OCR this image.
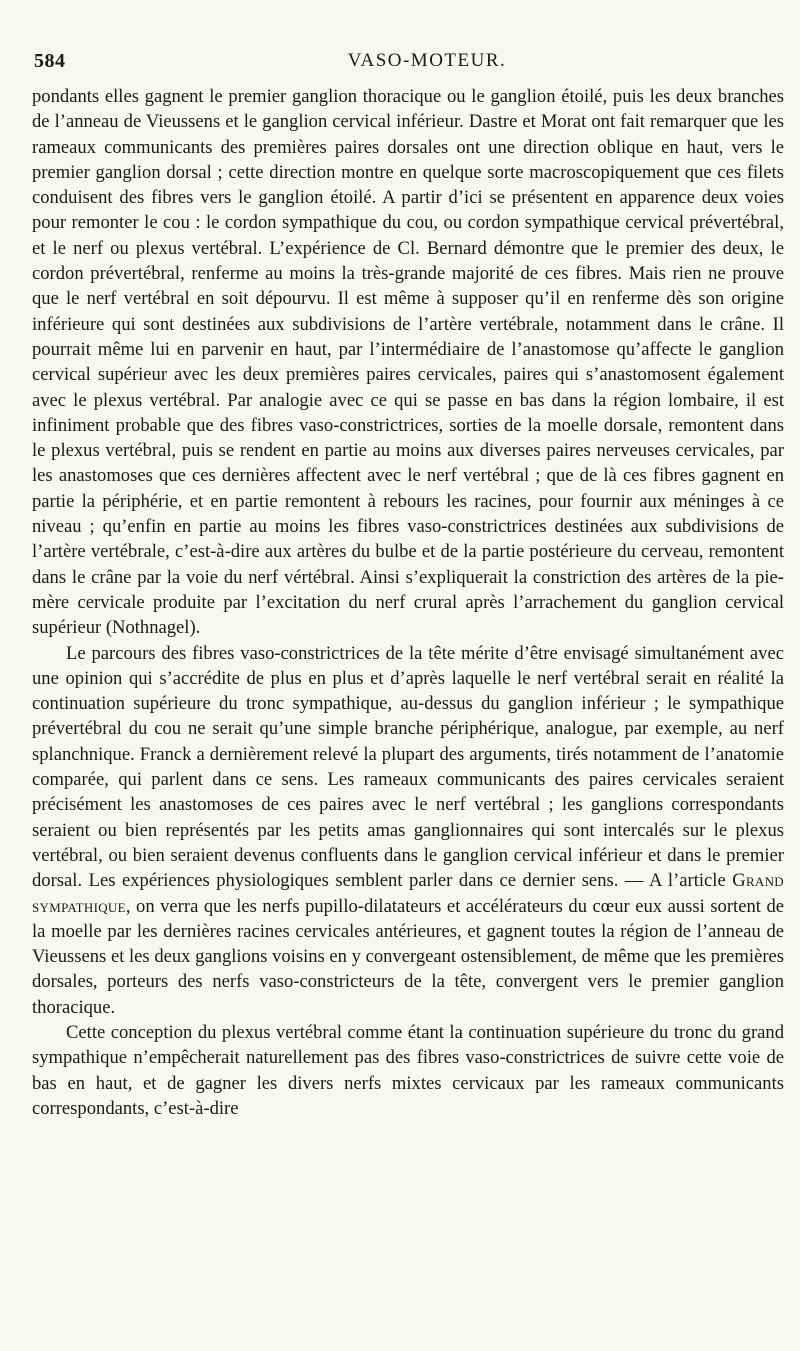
584	VASO-MOTEUR.

pondants elles gagnent le premier ganglion thoracique ou le ganglion étoilé, puis les deux branches de l’anneau de Vieussens et le ganglion cervical inférieur. Dastre et Morat ont fait remarquer que les rameaux communicants des premières paires dorsales ont une direction oblique en haut, vers le premier ganglion dorsal ; cette direction montre en quelque sorte macroscopiquement que ces filets conduisent des fibres vers le ganglion étoilé. A partir d’ici se présentent en apparence deux voies pour remonter le cou : le cordon sympathique du cou, ou cordon sympathique cervical prévertébral, et le nerf ou plexus vertébral. L’expérience de Cl. Bernard démontre que le premier des deux, le cordon prévertébral, renferme au moins la très-grande majorité de ces fibres. Mais rien ne prouve que le nerf vertébral en soit dépourvu. Il est même à supposer qu’il en renferme dès son origine inférieure qui sont destinées aux subdivisions de l’artère vertébrale, notamment dans le crâne. Il pourrait même lui en parvenir en haut, par l’intermédiaire de l’anastomose qu’affecte le ganglion cervical supérieur avec les deux premières paires cervicales, paires qui s’anastomosent également avec le plexus vertébral. Par analogie avec ce qui se passe en bas dans la région lombaire, il est infiniment probable que des fibres vaso-constrictrices, sorties de la moelle dorsale, remontent dans le plexus vertébral, puis se rendent en partie au moins aux diverses paires nerveuses cervicales, par les anastomoses que ces dernières affectent avec le nerf vertébral ; que de là ces fibres gagnent en partie la périphérie, et en partie remontent à rebours les racines, pour fournir aux méninges à ce niveau ; qu’enfin en partie au moins les fibres vaso-constrictrices destinées aux subdivisions de l’artère vertébrale, c’est-à-dire aux artères du bulbe et de la partie postérieure du cerveau, remontent dans le crâne par la voie du nerf vértébral. Ainsi s’expliquerait la constriction des artères de la pie-mère cervicale produite par l’excitation du nerf crural après l’arrachement du ganglion cervical supérieur (Nothnagel).

Le parcours des fibres vaso-constrictrices de la tête mérite d’être envisagé simultanément avec une opinion qui s’accrédite de plus en plus et d’après laquelle le nerf vertébral serait en réalité la continuation supérieure du tronc sympathique, au-dessus du ganglion inférieur ; le sympathique prévertébral du cou ne serait qu’une simple branche périphérique, analogue, par exemple, au nerf splanchnique. Franck a dernièrement relevé la plupart des arguments, tirés notamment de l’anatomie comparée, qui parlent dans ce sens. Les rameaux communicants des paires cervicales seraient précisément les anastomoses de ces paires avec le nerf vertébral ; les ganglions correspondants seraient ou bien représentés par les petits amas ganglionnaires qui sont intercalés sur le plexus vertébral, ou bien seraient devenus confluents dans le ganglion cervical inférieur et dans le premier dorsal. Les expériences physiologiques semblent parler dans ce dernier sens. — A l’article Grand sympathique, on verra que les nerfs pupillo-dilatateurs et accélérateurs du cœur eux aussi sortent de la moelle par les dernières racines cervicales antérieures, et gagnent toutes la région de l’anneau de Vieussens et les deux ganglions voisins en y convergeant ostensiblement, de même que les premières dorsales, porteurs des nerfs vaso-constricteurs de la tête, convergent vers le premier ganglion thoracique.

Cette conception du plexus vertébral comme étant la continuation supérieure du tronc du grand sympathique n’empêcherait naturellement pas des fibres vaso-constrictrices de suivre cette voie de bas en haut, et de gagner les divers nerfs mixtes cervicaux par les rameaux communicants correspondants, c’est-à-dire
